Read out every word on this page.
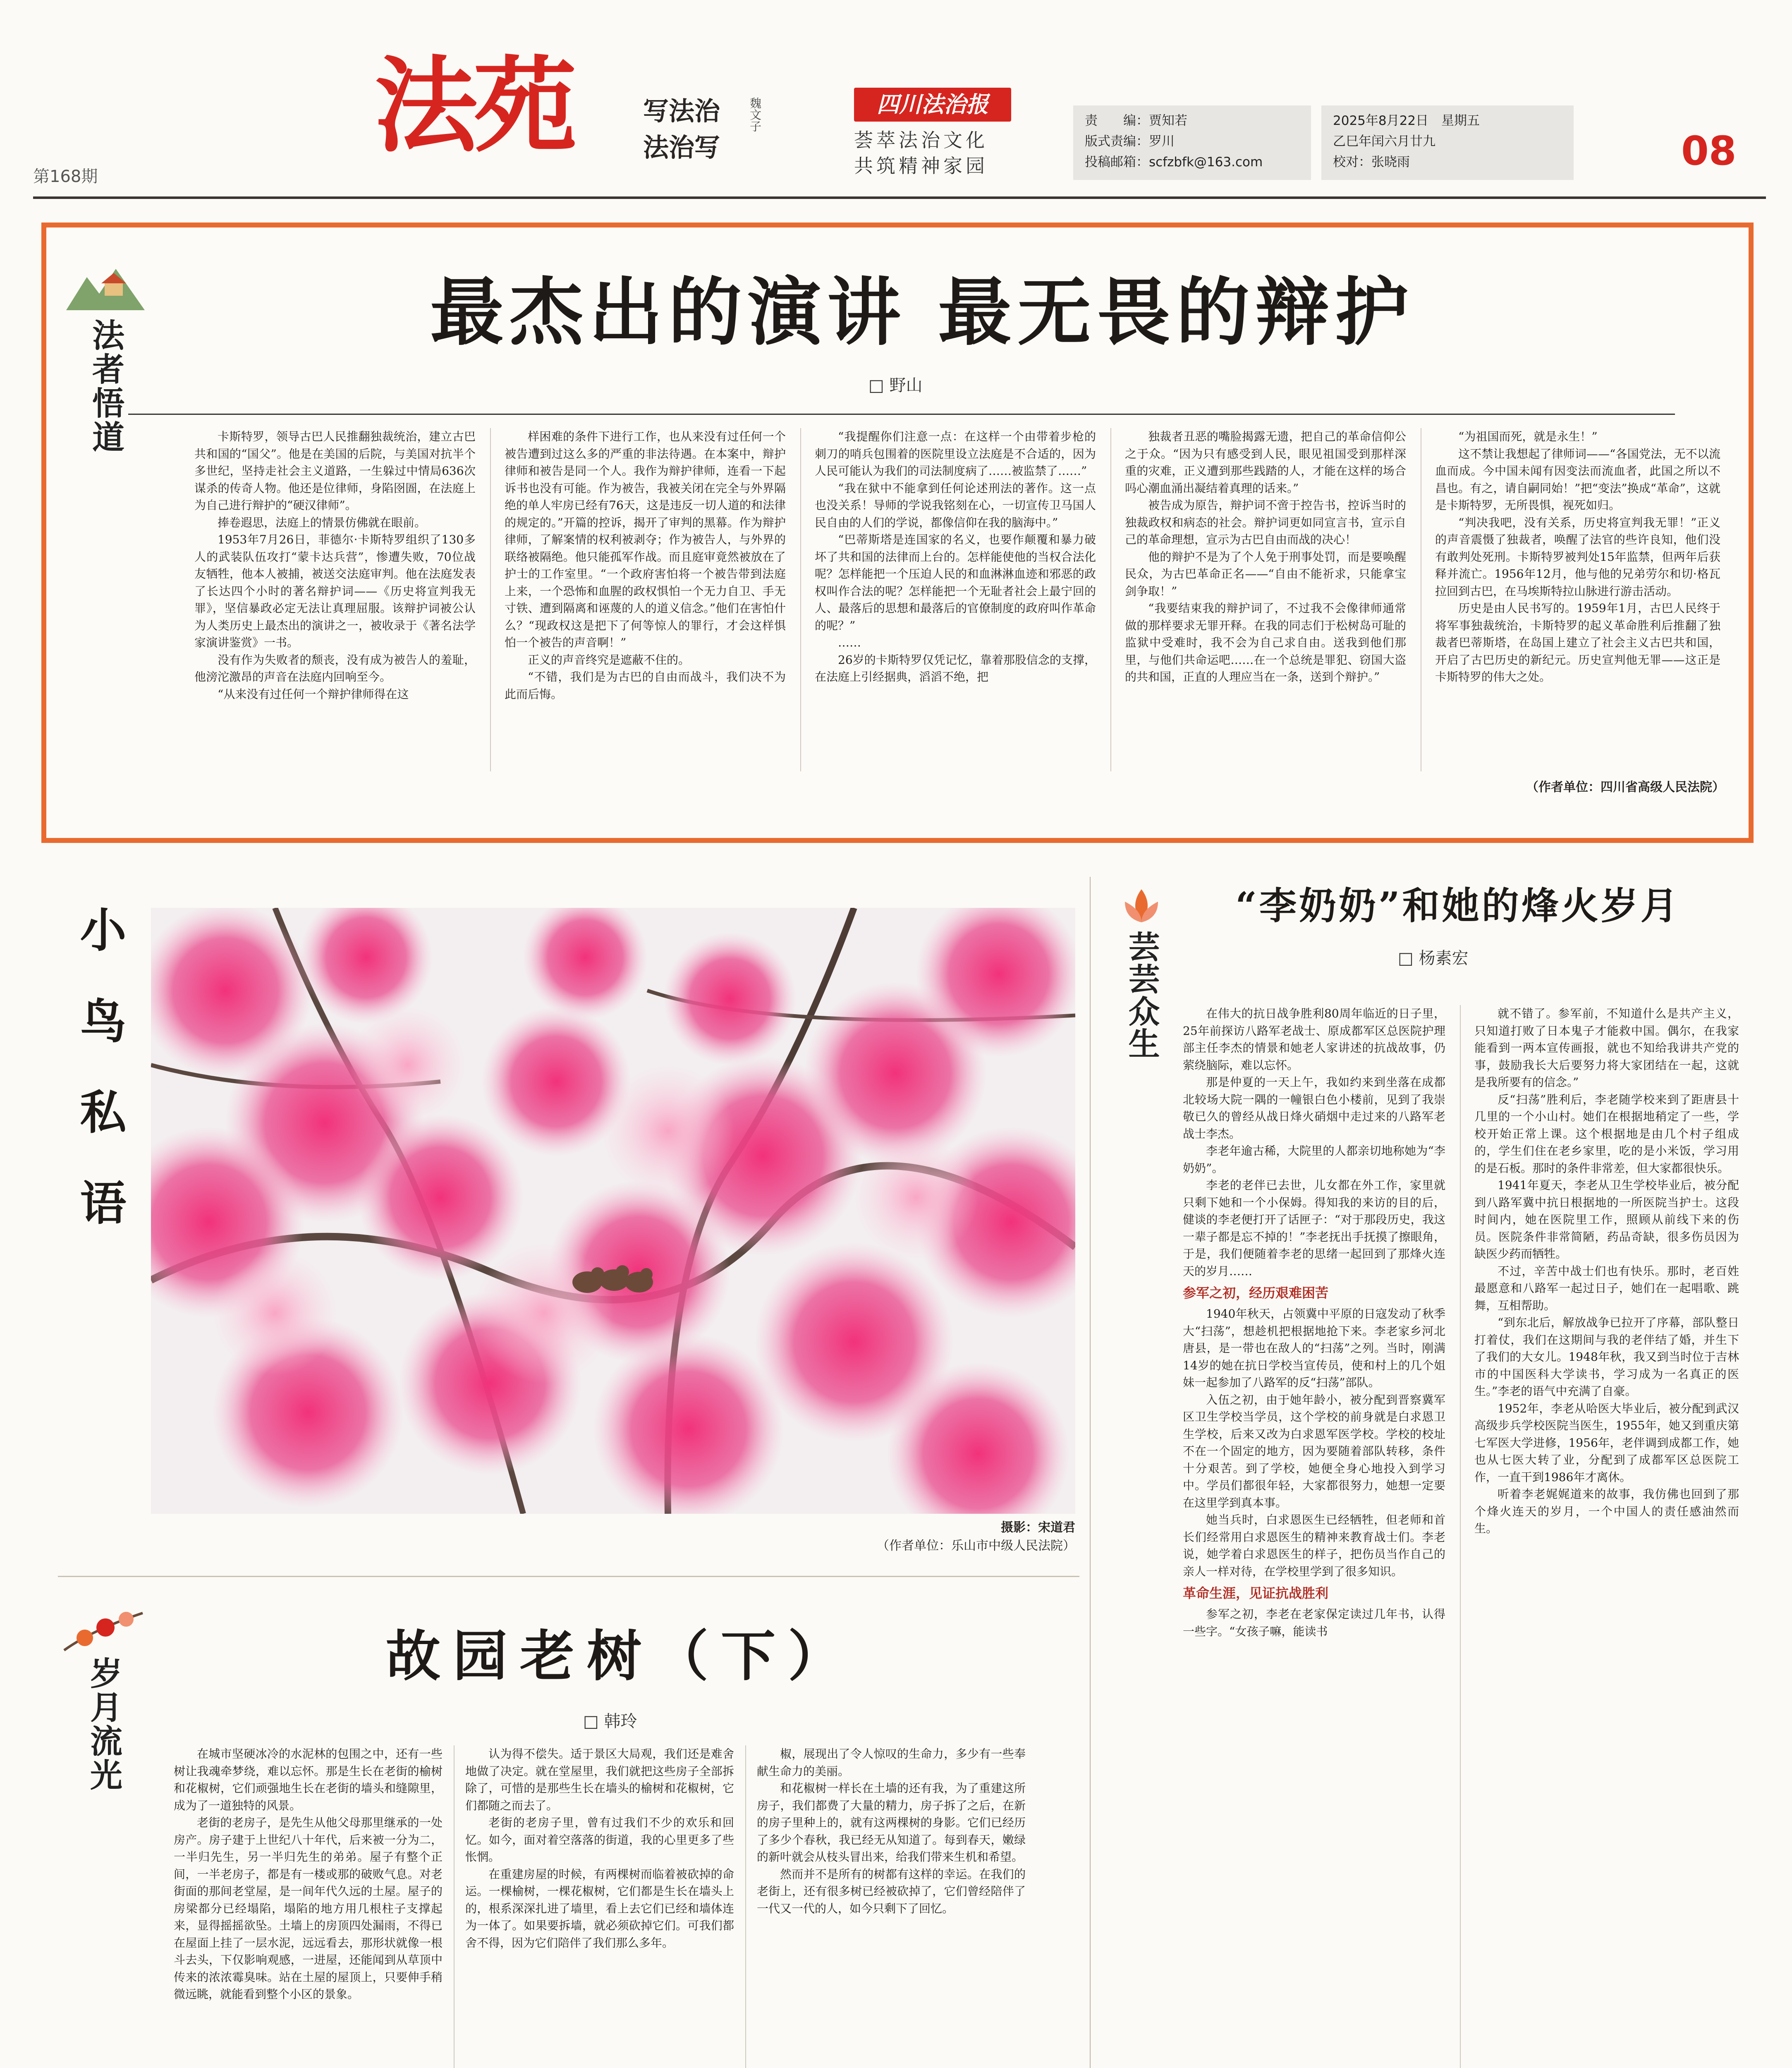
第168期
法苑	写法治
法治写
魏文子	四川法治报
荟萃法治文化
共筑精神家园
责　　编：贾知若
版式责编：罗川
投稿邮箱：scfzbfk@163.com
2025年8月22日　星期五
乙巳年闰六月廿九
校对：张晓雨	08
法者悟道
最杰出的演讲 最无畏的辩护
□ 野山

卡斯特罗，领导古巴人民推翻独裁统治，建立古巴共和国的“国父”。他是在美国的后院，与美国对抗半个多世纪，坚持走社会主义道路，一生躲过中情局636次谋杀的传奇人物。他还是位律师，身陷囹圄，在法庭上为自己进行辩护的“硬汉律师”。

捧卷遐思，法庭上的情景仿佛就在眼前。

1953年7月26日，菲德尔·卡斯特罗组织了130多人的武装队伍攻打“蒙卡达兵营”，惨遭失败，70位战友牺牲，他本人被捕，被送交法庭审判。他在法庭发表了长达四个小时的著名辩护词——《历史将宣判我无罪》，坚信暴政必定无法让真理屈服。该辩护词被公认为人类历史上最杰出的演讲之一，被收录于《著名法学家演讲鉴赏》一书。

没有作为失败者的颓丧，没有成为被告人的羞耻，他滂沱激昂的声音在法庭内回响至今。

“从来没有过任何一个辩护律师得在这

样困难的条件下进行工作，也从来没有过任何一个被告遭到过这么多的严重的非法待遇。在本案中，辩护律师和被告是同一个人。我作为辩护律师，连看一下起诉书也没有可能。作为被告，我被关闭在完全与外界隔绝的单人牢房已经有76天，这是违反一切人道的和法律的规定的。”开篇的控诉，揭开了审判的黑幕。作为辩护律师，了解案情的权利被剥夺；作为被告人，与外界的联络被隔绝。他只能孤军作战。而且庭审竟然被放在了护士的工作室里。“一个政府害怕将一个被告带到法庭上来，一个恐怖和血腥的政权惧怕一个无力自卫、手无寸铁、遭到隔离和诬蔑的人的道义信念。”他们在害怕什么？“现政权这是把下了何等惊人的罪行，才会这样惧怕一个被告的声音啊！”

正义的声音终究是遮蔽不住的。

“不错，我们是为古巴的自由而战斗，我们决不为此而后悔。

“我提醒你们注意一点：在这样一个由带着步枪的刺刀的哨兵包围着的医院里设立法庭是不合适的，因为人民可能认为我们的司法制度病了……被监禁了……”

“我在狱中不能拿到任何论述刑法的著作。这一点也没关系！导师的学说我铭刻在心，一切宣传卫马国人民自由的人们的学说，都像信仰在我的脑海中。”

“巴蒂斯塔是连国家的名义，也要作颠覆和暴力破坏了共和国的法律而上台的。怎样能使他的当权合法化呢？怎样能把一个压迫人民的和血淋淋血迹和邪恶的政权叫作合法的呢？怎样能把一个无耻者社会上最宁回的人、最落后的思想和最落后的官僚制度的政府叫作革命的呢？”

……

26岁的卡斯特罗仅凭记忆，靠着那股信念的支撑，在法庭上引经据典，滔滔不绝，把

独裁者丑恶的嘴脸揭露无遗，把自己的革命信仰公之于众。“因为只有感受到人民，眼见祖国受到那样深重的灾难，正义遭到那些践踏的人，才能在这样的场合吗心潮血涌出凝结着真理的话来。”

被告成为原告，辩护词不啻于控告书，控诉当时的独裁政权和病态的社会。辩护词更如同宣言书，宣示自己的革命理想，宣示为古巴自由而战的决心！

他的辩护不是为了个人免于刑事处罚，而是要唤醒民众，为古巴革命正名——“自由不能祈求，只能拿宝剑争取！”

“我要结束我的辩护词了，不过我不会像律师通常做的那样要求无罪开释。在我的同志们于松树岛可耻的监狱中受难时，我不会为自己求自由。送我到他们那里，与他们共命运吧……在一个总统是罪犯、窃国大盗的共和国，正直的人理应当在一条，送到个辩护。”

“为祖国而死，就是永生！”

这不禁让我想起了律师词——“各国党法，无不以流血而成。今中国未闻有因变法而流血者，此国之所以不昌也。有之，请自嗣同始！”把“变法”换成“革命”，这就是卡斯特罗，无所畏惧，视死如归。

“判决我吧，没有关系，历史将宣判我无罪！”正义的声音震慑了独裁者，唤醒了法官的些许良知，他们没有敢判处死刑。卡斯特罗被判处15年监禁，但两年后获释并流亡。1956年12月，他与他的兄弟劳尔和切·格瓦拉回到古巴，在马埃斯特拉山脉进行游击活动。

历史是由人民书写的。1959年1月，古巴人民终于将军事独裁统治，卡斯特罗的起义革命胜利后推翻了独裁者巴蒂斯塔，在岛国上建立了社会主义古巴共和国，开启了古巴历史的新纪元。历史宣判他无罪——这正是卡斯特罗的伟大之处。

（作者单位：四川省高级人民法院）
小鸟私语
摄影：宋道君
（作者单位：乐山市中级人民法院）
岁月流光
故园老树（下）
□ 韩玲

在城市坚硬冰冷的水泥林的包围之中，还有一些树让我魂牵梦绕，难以忘怀。那是生长在老街的榆树和花椒树，它们顽强地生长在老街的墙头和缝隙里，成为了一道独特的风景。

老街的老房子，是先生从他父母那里继承的一处房产。房子建于上世纪八十年代，后来被一分为二，一半归先生，另一半归先生的弟弟。屋子有整个正间，一半老房子，都是有一楼或那的破败气息。对老街面的那间老堂屋，是一间年代久远的土屋。屋子的房梁都分已经塌陷，塌陷的地方用几根柱子支撑起来，显得摇摇欲坠。土墙上的房顶四处漏雨，不得已在屋面上挂了一层水泥，远远看去，那形状就像一根斗去头，下仅影响观感，一进屋，还能闻到从草顶中传来的浓浓霉臭味。站在土屋的屋顶上，只要伸手稍微远眺，就能看到整个小区的景象。

认为得不偿失。适于景区大局观，我们还是难舍地做了决定。就在堂屋里，我们就把这些房子全部拆除了，可惜的是那些生长在墙头的榆树和花椒树，它们都随之而去了。

老街的老房子里，曾有过我们不少的欢乐和回忆。如今，面对着空落落的街道，我的心里更多了些怅惘。

在重建房屋的时候，有两棵树而临着被砍掉的命运。一棵榆树，一棵花椒树，它们都是生长在墙头上的，根系深深扎进了墙里，看上去它们已经和墙体连为一体了。如果要拆墙，就必须砍掉它们。可我们都舍不得，因为它们陪伴了我们那么多年。

椒，展现出了令人惊叹的生命力，多少有一些奉献生命力的美丽。

和花椒树一样长在土墙的还有我，为了重建这所房子，我们都费了大量的精力，房子拆了之后，在新的房子里种上的，就有这两棵树的身影。它们已经历了多少个春秋，我已经无从知道了。每到春天，嫩绿的新叶就会从枝头冒出来，给我们带来生机和希望。

然而并不是所有的树都有这样的幸运。在我们的老街上，还有很多树已经被砍掉了，它们曾经陪伴了一代又一代的人，如今只剩下了回忆。

芸芸众生
“李奶奶”和她的烽火岁月
□ 杨素宏

在伟大的抗日战争胜利80周年临近的日子里，25年前探访八路军老战士、原成都军区总医院护理部主任李杰的情景和她老人家讲述的抗战故事，仍萦绕脑际，难以忘怀。

那是仲夏的一天上午，我如约来到坐落在成都北较场大院一隅的一幢银白色小楼前，见到了我崇敬已久的曾经从战日烽火硝烟中走过来的八路军老战士李杰。

李老年逾古稀，大院里的人都亲切地称她为“李奶奶”。

李老的老伴已去世，儿女都在外工作，家里就只剩下她和一个小保姆。得知我的来访的目的后，健谈的李老便打开了话匣子：“对于那段历史，我这一辈子都是忘不掉的！”李老抚出手抚摸了擦眼角，于是，我们便随着李老的思绪一起回到了那烽火连天的岁月……

参军之初，经历艰难困苦

1940年秋天，占领冀中平原的日寇发动了秋季大“扫荡”，想趁机把根据地抢下来。李老家乡河北唐县，是一带也在敌人的“扫荡”之列。当时，刚满14岁的她在抗日学校当宣传员，使和村上的几个姐妹一起参加了八路军的反“扫荡”部队。

入伍之初，由于她年龄小，被分配到晋察冀军区卫生学校当学员，这个学校的前身就是白求恩卫生学校，后来又改为白求恩军医学校。学校的校址不在一个固定的地方，因为要随着部队转移，条件十分艰苦。到了学校，她便全身心地投入到学习中。学员们都很年轻，大家都很努力，她想一定要在这里学到真本事。

她当兵时，白求恩医生已经牺牲，但老师和首长们经常用白求恩医生的精神来教育战士们。李老说，她学着白求恩医生的样子，把伤员当作自己的亲人一样对待，在学校里学到了很多知识。

革命生涯，见证抗战胜利

参军之初，李老在老家保定读过几年书，认得一些字。“女孩子嘛，能读书

就不错了。参军前，不知道什么是共产主义，只知道打败了日本鬼子才能救中国。偶尔，在我家能看到一两本宣传画报，就也不知给我讲共产党的事，鼓励我长大后要努力将大家团结在一起，这就是我所要有的信念。”

反“扫荡”胜利后，李老随学校来到了距唐县十几里的一个小山村。她们在根据地稍定了一些，学校开始正常上课。这个根据地是由几个村子组成的，学生们住在老乡家里，吃的是小米饭，学习用的是石板。那时的条件非常差，但大家都很快乐。

1941年夏天，李老从卫生学校毕业后，被分配到八路军冀中抗日根据地的一所医院当护士。这段时间内，她在医院里工作，照顾从前线下来的伤员。医院条件非常简陋，药品奇缺，很多伤员因为缺医少药而牺牲。

不过，辛苦中战士们也有快乐。那时，老百姓最愿意和八路军一起过日子，她们在一起唱歌、跳舞，互相帮助。

“到东北后，解放战争已拉开了序幕，部队整日打着仗，我们在这期间与我的老伴结了婚，并生下了我们的大女儿。1948年秋，我又到当时位于吉林市的中国医科大学读书，学习成为一名真正的医生。”李老的语气中充满了自豪。

1952年，李老从哈医大毕业后，被分配到武汉高级步兵学校医院当医生，1955年，她又到重庆第七军医大学进修，1956年，老伴调到成都工作，她也从七医大转了业，分配到了成都军区总医院工作，一直干到1986年才离休。

听着李老娓娓道来的故事，我仿佛也回到了那个烽火连天的岁月，一个中国人的责任感油然而生。
